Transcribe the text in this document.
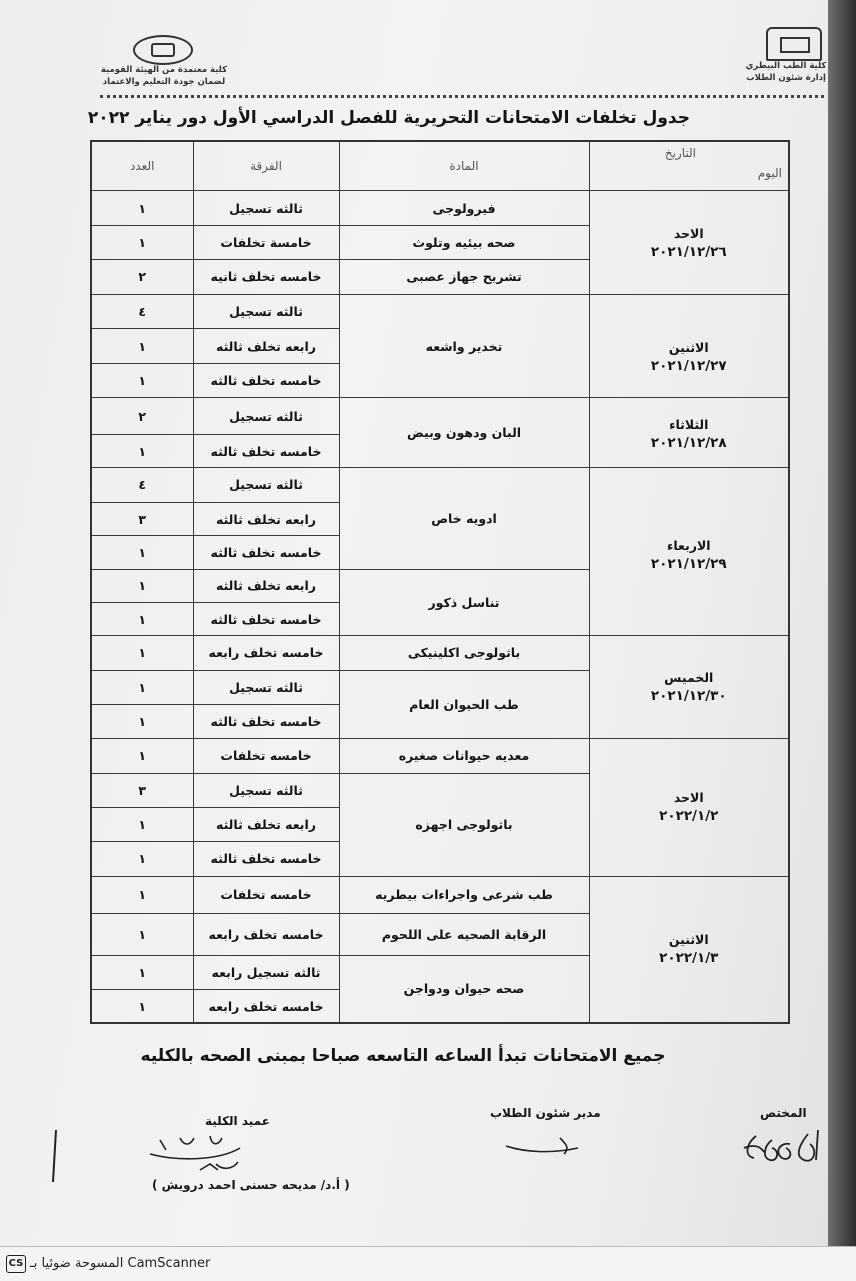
كلية معتمدة من الهيئة القومية
لضمان جودة التعليم والاعتماد
كلية الطب البيطري
إدارة شئون الطلاب
جدول تخلفات الامتحانات التحريرية للفصل الدراسي الأول دور يناير ٢٠٢٢
التاريخ
اليوم	المادة	الفرقة	العدد

الاحد
٢٠٢١/١٢/٢٦	فيرولوجى	ثالثه تسجيل	١
	صحه بيئيه وتلوث	خامسة تخلفات	١
	تشريح جهاز عصبى	خامسه تخلف ثانيه	٢

الاثنين
٢٠٢١/١٢/٢٧	تخدير واشعه	ثالثه تسجيل	٤
		رابعه تخلف ثالثه	١
		خامسه تخلف ثالثه	١

الثلاثاء
٢٠٢١/١٢/٢٨	البان ودهون وبيض	ثالثه تسجيل	٢
		خامسه تخلف ثالثه	١

الاربعاء
٢٠٢١/١٢/٢٩	ادويه خاص	ثالثه تسجيل	٤
		رابعه تخلف ثالثه	٣
		خامسه تخلف ثالثه	١
	تناسل ذكور	رابعه تخلف ثالثه	١
		خامسه تخلف ثالثه	١

الخميس
٢٠٢١/١٢/٣٠	باثولوجى اكلينيكى	خامسه تخلف رابعه	١
	طب الحيوان العام	ثالثه تسجيل	١
		خامسه تخلف ثالثه	١

الاحد
٢٠٢٢/١/٢	معديه حيوانات صغيره	خامسه تخلفات	١
	باثولوجى اجهزه	ثالثه تسجيل	٣
		رابعه تخلف ثالثه	١
		خامسه تخلف ثالثه	١

الاثنين
٢٠٢٢/١/٣	طب شرعى واجراءات بيطريه	خامسه تخلفات	١
	الرقابة الصحيه على اللحوم	خامسه تخلف رابعه	١
	صحه حيوان ودواجن	ثالثه تسجيل رابعه	١
		خامسه تخلف رابعه	١
جميع الامتحانات تبدأ الساعه التاسعه صباحا بمبنى الصحه بالكليه
عميد الكلية
( أ.د/ مديحه حسنى احمد درويش )
مدير شئون الطلاب	المختص
CS المسوحة ضوئيا بـ CamScanner
